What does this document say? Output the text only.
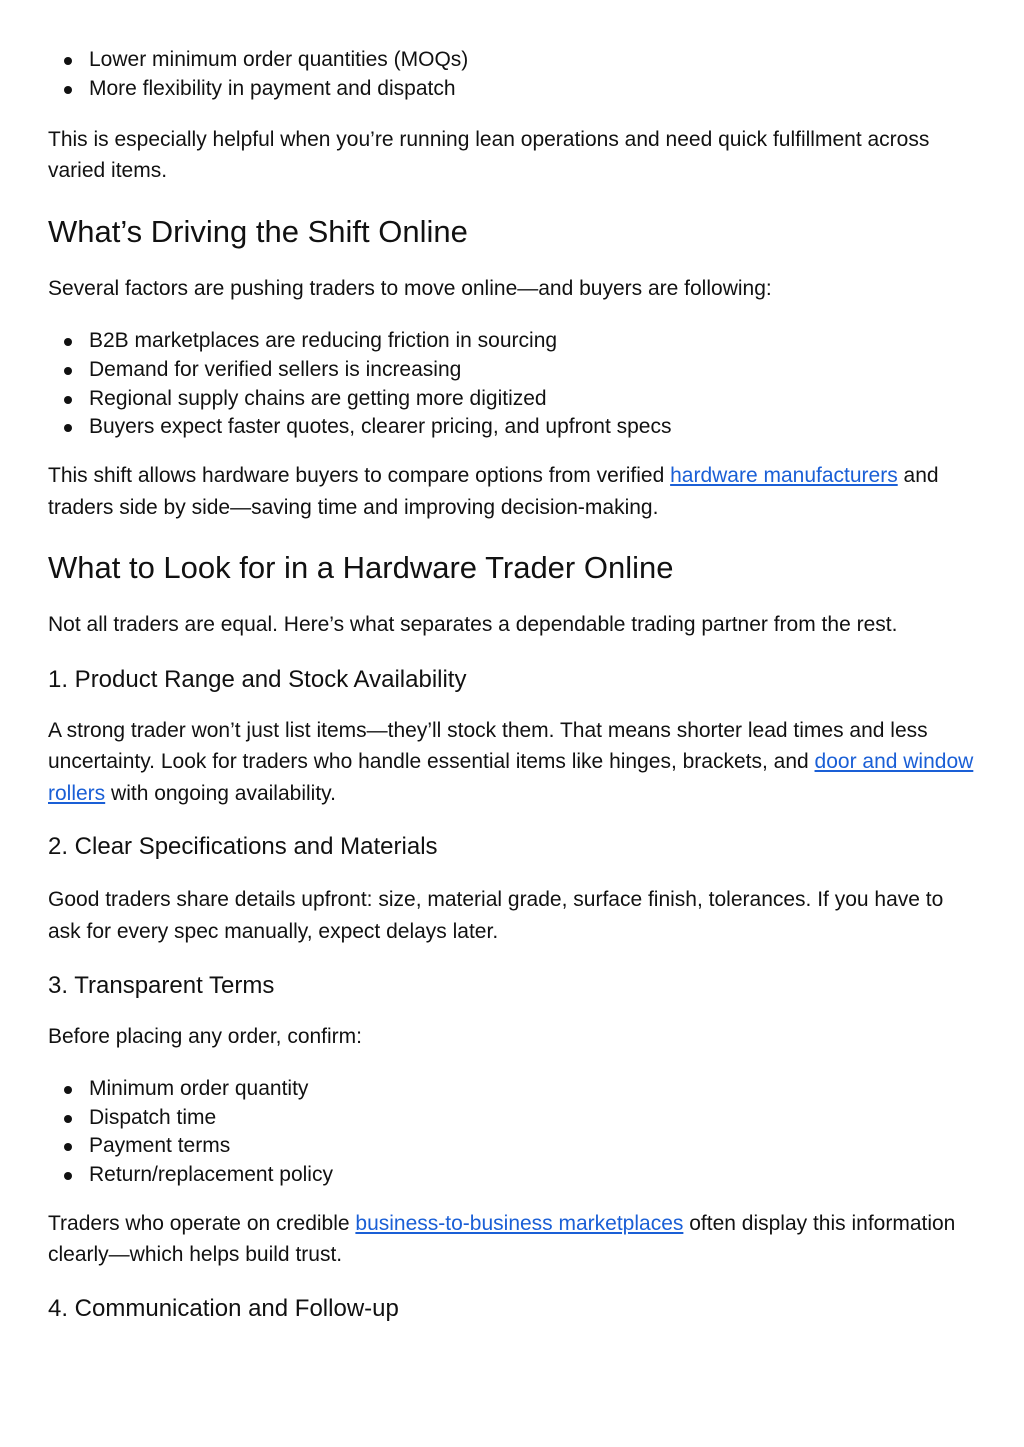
Lower minimum order quantities (MOQs)
More flexibility in payment and dispatch

This is especially helpful when you’re running lean operations and need quick fulfillment across varied items.

What’s Driving the Shift Online

Several factors are pushing traders to move online—and buyers are following:

B2B marketplaces are reducing friction in sourcing
Demand for verified sellers is increasing
Regional supply chains are getting more digitized
Buyers expect faster quotes, clearer pricing, and upfront specs

This shift allows hardware buyers to compare options from verified hardware manufacturers and traders side by side—saving time and improving decision-making.

What to Look for in a Hardware Trader Online

Not all traders are equal. Here’s what separates a dependable trading partner from the rest.

1. Product Range and Stock Availability

A strong trader won’t just list items—they’ll stock them. That means shorter lead times and less uncertainty. Look for traders who handle essential items like hinges, brackets, and door and window rollers with ongoing availability.

2. Clear Specifications and Materials

Good traders share details upfront: size, material grade, surface finish, tolerances. If you have to ask for every spec manually, expect delays later.

3. Transparent Terms

Before placing any order, confirm:

Minimum order quantity
Dispatch time
Payment terms
Return/replacement policy

Traders who operate on credible business-to-business marketplaces often display this information clearly—which helps build trust.

4. Communication and Follow-up
